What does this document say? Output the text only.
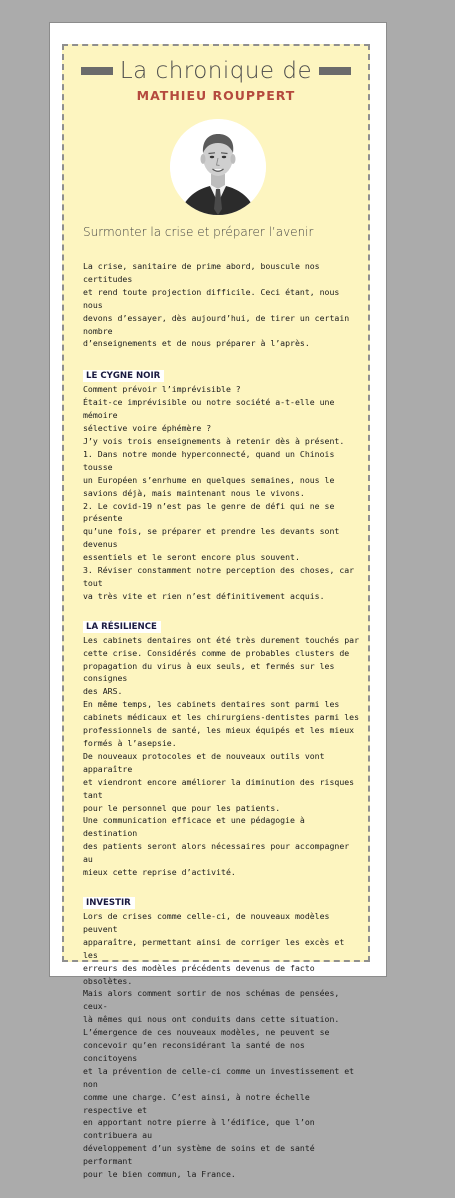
La chronique de
MATHIEU ROUPPERT
Surmonter la crise et préparer l’avenir

La crise, sanitaire de prime abord, bouscule nos certitudes
et rend toute projection difficile. Ceci étant, nous nous
devons d’essayer, dès aujourd’hui, de tirer un certain nombre
d’enseignements et de nous préparer à l’après.

LE CYGNE NOIR

Comment prévoir l’imprévisible ?
Était-ce imprévisible ou notre société a-t-elle une mémoire
sélective voire éphémère ?
J’y vois trois enseignements à retenir dès à présent.
1. Dans notre monde hyperconnecté, quand un Chinois tousse
un Européen s’enrhume en quelques semaines, nous le
savions déjà, mais maintenant nous le vivons.
2. Le covid-19 n’est pas le genre de défi qui ne se présente
qu’une fois, se préparer et prendre les devants sont devenus
essentiels et le seront encore plus souvent.
3. Réviser constamment notre perception des choses, car tout
va très vite et rien n’est définitivement acquis.

LA RÉSILIENCE

Les cabinets dentaires ont été très durement touchés par
cette crise. Considérés comme de probables clusters de
propagation du virus à eux seuls, et fermés sur les consignes
des ARS.
En même temps, les cabinets dentaires sont parmi les
cabinets médicaux et les chirurgiens-dentistes parmi les
professionnels de santé, les mieux équipés et les mieux
formés à l’asepsie.
De nouveaux protocoles et de nouveaux outils vont apparaître
et viendront encore améliorer la diminution des risques tant
pour le personnel que pour les patients.
Une communication efficace et une pédagogie à destination
des patients seront alors nécessaires pour accompagner au
mieux cette reprise d’activité.

INVESTIR

Lors de crises comme celle-ci, de nouveaux modèles peuvent
apparaître, permettant ainsi de corriger les excès et les
erreurs des modèles précédents devenus de facto obsolètes.
Mais alors comment sortir de nos schémas de pensées, ceux-
là mêmes qui nous ont conduits dans cette situation.
L’émergence de ces nouveaux modèles, ne peuvent se
concevoir qu’en reconsidérant la santé de nos concitoyens
et la prévention de celle-ci comme un investissement et non
comme une charge. C’est ainsi, à notre échelle respective et
en apportant notre pierre à l’édifice, que l’on contribuera au
développement d’un système de soins et de santé performant
pour le bien commun, la France.
